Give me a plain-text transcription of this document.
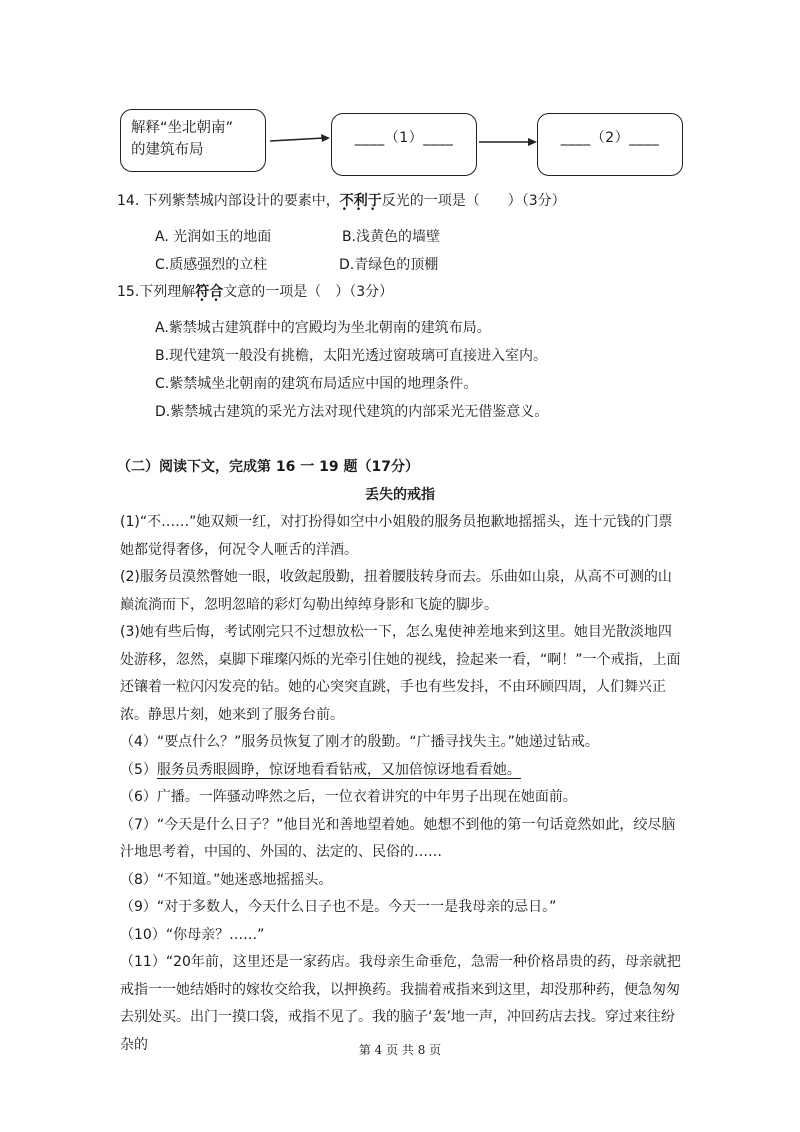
解释“坐北朝南”
的建筑布局
____（1）____	____（2）____
14. 下列紫禁城内部设计的要素中，不利于 • • •反光的一项是（　　）（3分）
A. 光润如玉的地面	B.浅黄色的墙壁
C.质感强烈的立柱	D.青绿色的顶棚
15.下列理解符合 • •文意的一项是（　）（3分）
A.紫禁城古建筑群中的宫殿均为坐北朝南的建筑布局。
B.现代建筑一般没有挑檐，太阳光透过窗玻璃可直接进入室内。
C.紫禁城坐北朝南的建筑布局适应中国的地理条件。
D.紫禁城古建筑的采光方法对现代建筑的内部采光无借鉴意义。
（二）阅读下文，完成第 16 一 19 题（17分）
丢失的戒指

(1)“不……”她双颊一红，对打扮得如空中小姐般的服务员抱歉地摇摇头，连十元钱的门票她都觉得奢侈，何况令人咂舌的洋酒。

(2)服务员漠然瞥她一眼，收敛起殷勤，扭着腰肢转身而去。乐曲如山泉，从高不可测的山巅流淌而下，忽明忽暗的彩灯勾勒出绰绰身影和飞旋的脚步。

(3)她有些后悔，考试刚完只不过想放松一下，怎么鬼使神差地来到这里。她目光散淡地四处游移，忽然，桌脚下璀璨闪烁的光牵引住她的视线，捡起来一看，“啊！”一个戒指，上面还镶着一粒闪闪发亮的钻。她的心突突直跳，手也有些发抖，不由环顾四周，人们舞兴正浓。静思片刻，她来到了服务台前。

（4）“要点什么？”服务员恢复了刚才的殷勤。“广播寻找失主。”她递过钻戒。

（5）服务员秀眼圆睁，惊讶地看看钻戒，又加倍惊讶地看看她。

（6）广播。一阵骚动哗然之后，一位衣着讲究的中年男子出现在她面前。

（7）“今天是什么日子？”他目光和善地望着她。她想不到他的第一句话竟然如此，绞尽脑汁地思考着，中国的、外国的、法定的、民俗的……

（8）“不知道。”她迷惑地摇摇头。

（9）“对于多数人，今天什么日子也不是。今天一一是我母亲的忌日。”

（10）“你母亲？……”

（11）“20年前，这里还是一家药店。我母亲生命垂危，急需一种价格昂贵的药，母亲就把戒指一一她结婚时的嫁妆交给我，以押换药。我揣着戒指来到这里，却没那种药，便急匆匆去别处买。出门一摸口袋，戒指不见了。我的脑子‘轰’地一声，冲回药店去找。穿过来往纷杂的	第 4 页 共 8 页
